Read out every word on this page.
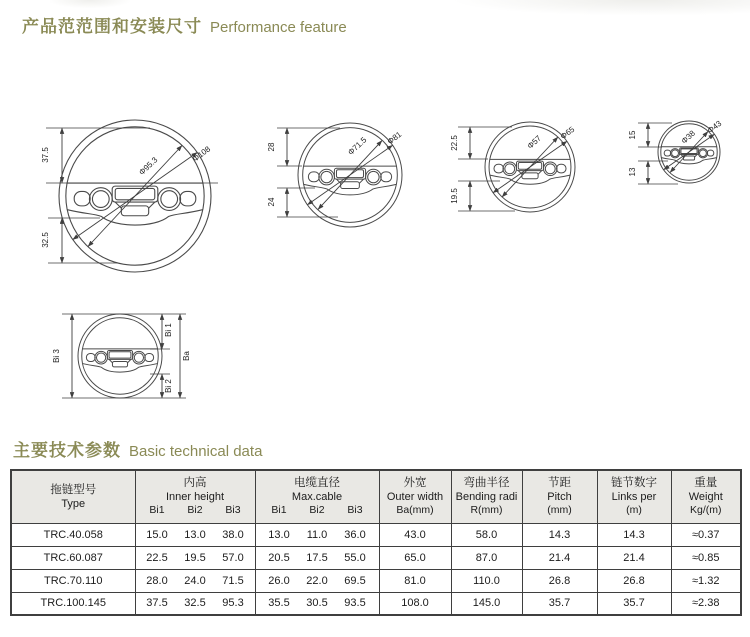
产品范范围和安装尺寸 Performance feature
Φ95.3
Φ108
37.5
32.5
Φ71.5 Φ81
28
24
Φ57
Φ65
22.5
19.5
Φ38
Φ43
15
13
Bi 3
Bi 1
Bi 2
Ba
主要技术参数 Basic technical data
拖链型号
Type

内高
Inner height
Bi1	Bi2	Bi3

电缆直径
Max.cable
Bi1	Bi2	Bi3

外宽
Outer width
Ba(mm)

弯曲半径
Bending radi
R(mm)

节距
Pitch
(mm)

链节数字
Links per
(m)

重量
Weight
Kg/(m)

TRC.40.058	15.0 13.0 38.0	13.0 11.0 36.0	43.0	58.0	14.3	14.3	≈0.37
TRC.60.087	22.5 19.5 57.0	20.5 17.5 55.0	65.0	87.0	21.4	21.4	≈0.85
TRC.70.110	28.0 24.0 71.5	26.0 22.0 69.5	81.0	110.0	26.8	26.8	≈1.32
TRC.100.145	37.5 32.5 95.3	35.5 30.5 93.5	108.0	145.0	35.7	35.7	≈2.38
